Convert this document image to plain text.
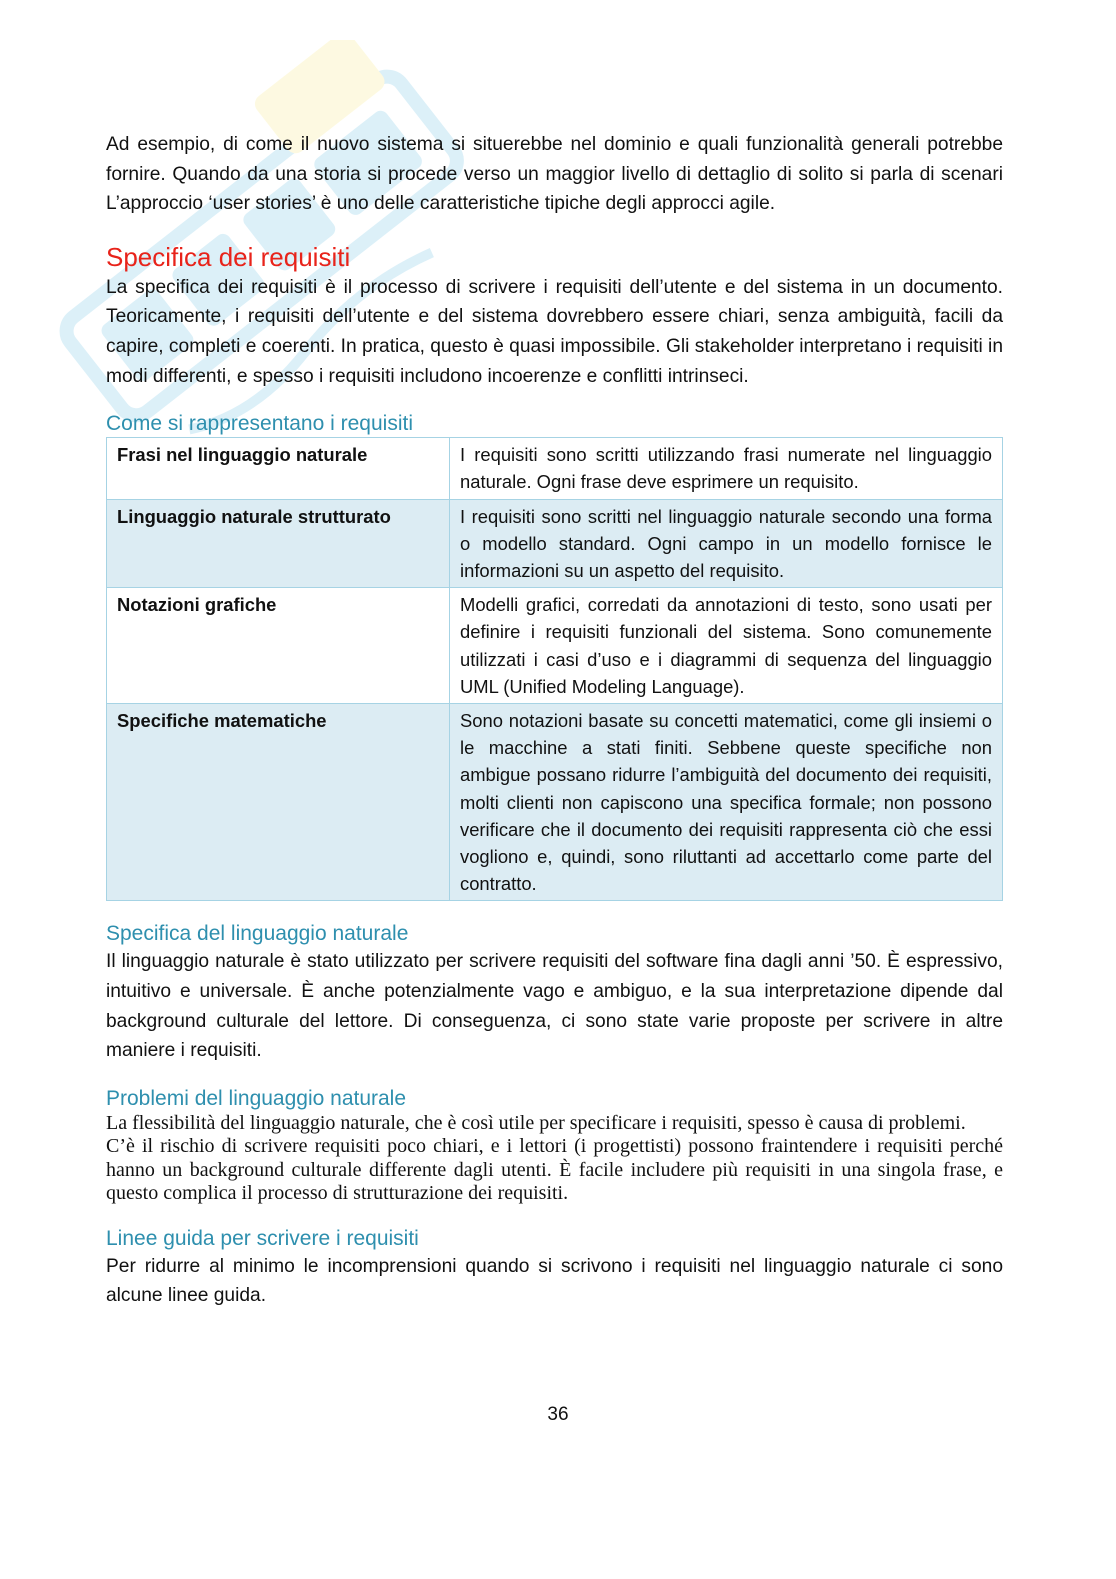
Ad esempio, di come il nuovo sistema si situerebbe nel dominio e quali funzionalità generali potrebbe fornire. Quando da una storia si procede verso un maggior livello di dettaglio di solito si parla di scenari L’approccio ‘user stories’ è uno delle caratteristiche tipiche degli approcci agile.

Specifica dei requisiti

La specifica dei requisiti è il processo di scrivere i requisiti dell’utente e del sistema in un documento. Teoricamente, i requisiti dell’utente e del sistema dovrebbero essere chiari, senza ambiguità, facili da capire, completi e coerenti. In pratica, questo è quasi impossibile. Gli stakeholder interpretano i requisiti in modi differenti, e spesso i requisiti includono incoerenze e conflitti intrinseci.

Come si rappresentano i requisiti
Frasi nel linguaggio naturale	I requisiti sono scritti utilizzando frasi numerate nel linguaggio naturale. Ogni frase deve esprimere un requisito.
Linguaggio naturale strutturato	I requisiti sono scritti nel linguaggio naturale secondo una forma o modello standard. Ogni campo in un modello fornisce le informazioni su un aspetto del requisito.
Notazioni grafiche	Modelli grafici, corredati da annotazioni di testo, sono usati per definire i requisiti funzionali del sistema. Sono comunemente utilizzati i casi d’uso e i diagrammi di sequenza del linguaggio UML (Unified Modeling Language).
Specifiche matematiche	Sono notazioni basate su concetti matematici, come gli insiemi o le macchine a stati finiti. Sebbene queste specifiche non ambigue possano ridurre l’ambiguità del documento dei requisiti, molti clienti non capiscono una specifica formale; non possono verificare che il documento dei requisiti rappresenta ciò che essi vogliono e, quindi, sono riluttanti ad accettarlo come parte del contratto.
Specifica del linguaggio naturale

Il linguaggio naturale è stato utilizzato per scrivere requisiti del software fina dagli anni ’50. È espressivo, intuitivo e universale. È anche potenzialmente vago e ambiguo, e la sua interpretazione dipende dal background culturale del lettore. Di conseguenza, ci sono state varie proposte per scrivere in altre maniere i requisiti.

Problemi del linguaggio naturale

La flessibilità del linguaggio naturale, che è così utile per specificare i requisiti, spesso è causa di problemi.

C’è il rischio di scrivere requisiti poco chiari, e i lettori (i progettisti) possono fraintendere i requisiti perché hanno un background culturale differente dagli utenti. È facile includere più requisiti in una singola frase, e questo complica il processo di strutturazione dei requisiti.

Linee guida per scrivere i requisiti

Per ridurre al minimo le incomprensioni quando si scrivono i requisiti nel linguaggio naturale ci sono alcune linee guida.

36
